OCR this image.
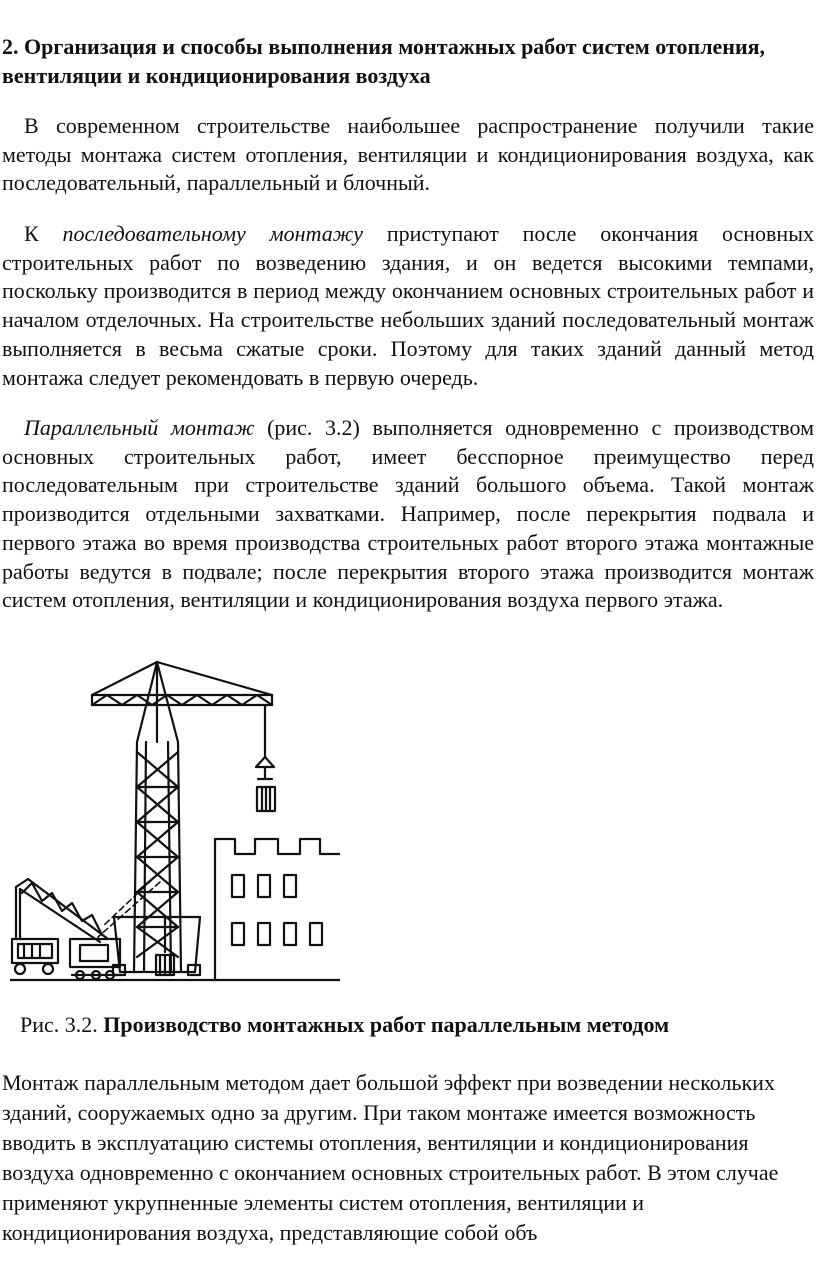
2. Организация и способы выполнения монтажных работ систем отопления, вентиляции и кондиционирования воздуха

В современном строительстве наибольшее распространение получили такие методы монтажа систем отопления, вентиляции и кондиционирования воздуха, как последовательный, параллельный и блочный.

К последовательному монтажу приступают после окончания основных строительных работ по возведению здания, и он ведется высокими темпами, поскольку производится в период между окончанием основных строительных работ и началом отделочных. На строительстве небольших зданий последовательный монтаж выполняется в весьма сжатые сроки. Поэтому для таких зданий данный метод монтажа следует рекомендовать в первую очередь.

Параллельный монтаж (рис. 3.2) выполняется одновременно с производством основных строительных работ, имеет бесспорное преимущество перед последовательным при строительстве зданий большого объема. Такой монтаж производится отдельными захватками. Например, после перекрытия подвала и первого этажа во время производства строительных работ второго этажа монтажные работы ведутся в подвале; после перекрытия второго этажа производится монтаж систем отопления, вентиляции и кондиционирования воздуха первого этажа.

Рис. 3.2. Производство монтажных работ параллельным методом

Монтаж параллельным методом дает большой эффект при возведении нескольких зданий, сооружаемых одно за другим. При таком монтаже имеется возможность вводить в эксплуатацию системы отопления, вентиляции и кондиционирования воздуха одновременно с окончанием основных строительных работ. В этом случае применяют укрупненные элементы систем отопления, вентиляции и кондиционирования воздуха, представляющие собой объ
